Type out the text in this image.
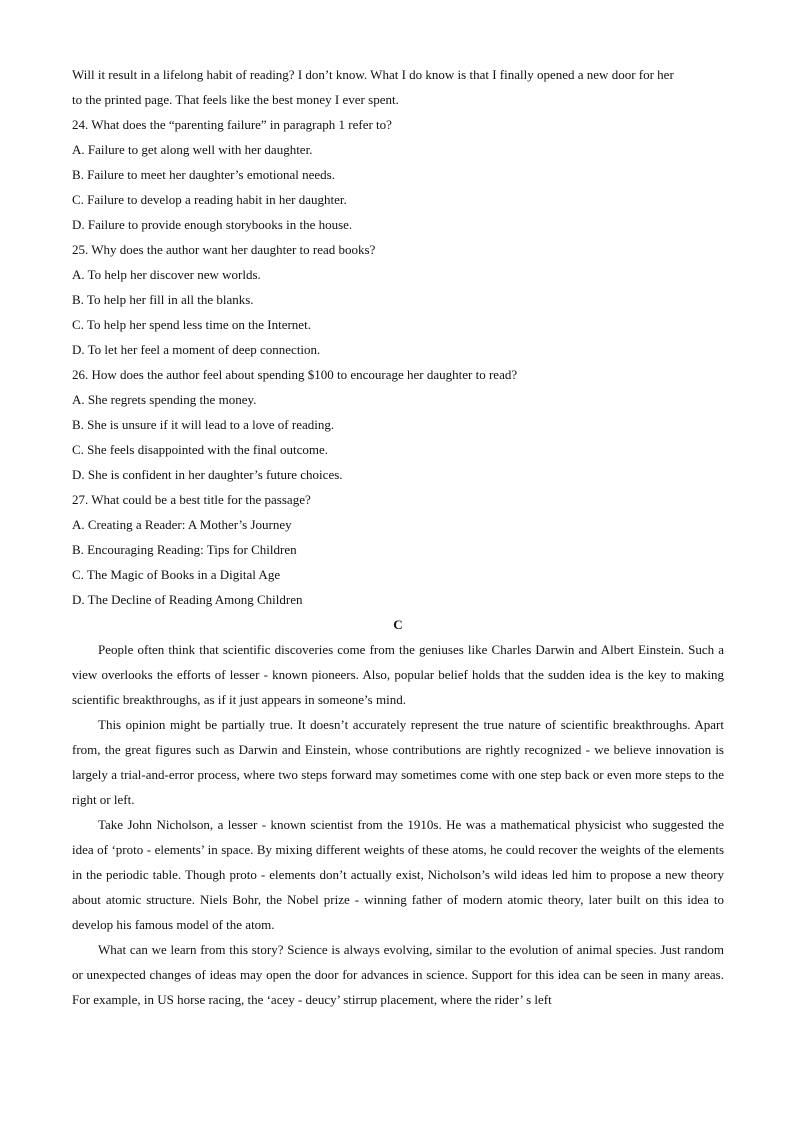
Will it result in a lifelong habit of reading? I don’t know. What I do know is that I finally opened a new door for her

to the printed page. That feels like the best money I ever spent.

24. What does the “parenting failure” in paragraph 1 refer to?

A. Failure to get along well with her daughter.

B. Failure to meet her daughter’s emotional needs.

C. Failure to develop a reading habit in her daughter.

D. Failure to provide enough storybooks in the house.

25. Why does the author want her daughter to read books?

A. To help her discover new worlds.

B. To help her fill in all the blanks.

C. To help her spend less time on the Internet.

D. To let her feel a moment of deep connection.

26. How does the author feel about spending $100 to encourage her daughter to read?

A. She regrets spending the money.

B. She is unsure if it will lead to a love of reading.

C. She feels disappointed with the final outcome.

D. She is confident in her daughter’s future choices.

27. What could be a best title for the passage?

A. Creating a Reader: A Mother’s Journey

B. Encouraging Reading: Tips for Children

C. The Magic of Books in a Digital Age

D. The Decline of Reading Among Children

C

People often think that scientific discoveries come from the geniuses like Charles Darwin and Albert Einstein. Such a view overlooks the efforts of lesser - known pioneers. Also, popular belief holds that the sudden idea is the key to making scientific breakthroughs, as if it just appears in someone’s mind.

This opinion might be partially true. It doesn’t accurately represent the true nature of scientific breakthroughs. Apart from, the great figures such as Darwin and Einstein, whose contributions are rightly recognized - we believe innovation is largely a trial-and-error process, where two steps forward may sometimes come with one step back or even more steps to the right or left.

Take John Nicholson, a lesser - known scientist from the 1910s. He was a mathematical physicist who suggested the idea of ‘proto - elements’ in space. By mixing different weights of these atoms, he could recover the weights of the elements in the periodic table. Though proto - elements don’t actually exist, Nicholson’s wild ideas led him to propose a new theory about atomic structure. Niels Bohr, the Nobel prize - winning father of modern atomic theory, later built on this idea to develop his famous model of the atom.

What can we learn from this story? Science is always evolving, similar to the evolution of animal species. Just random or unexpected changes of ideas may open the door for advances in science. Support for this idea can be seen in many areas. For example, in US horse racing, the ‘acey - deucy’ stirrup placement, where the rider’ s left
